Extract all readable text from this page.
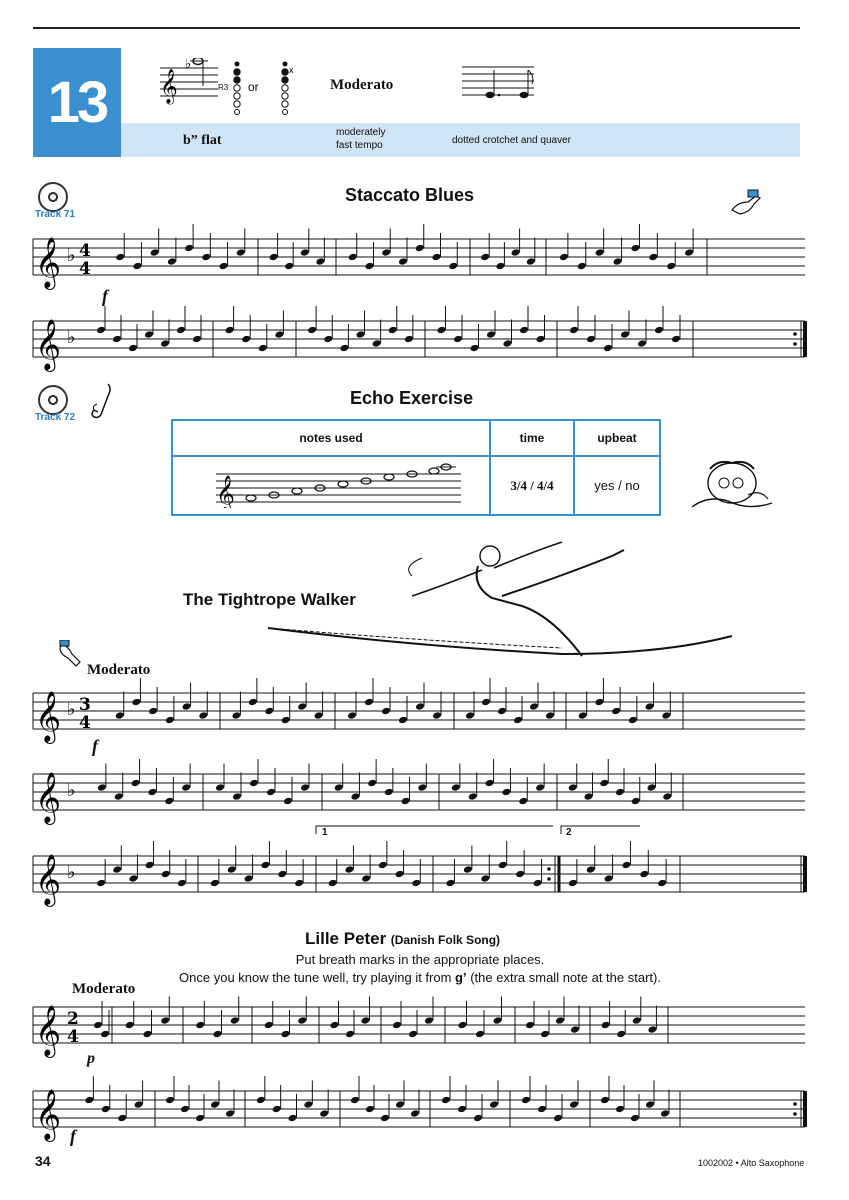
13	𝄞
♭	x
R3 or	Moderato
b” flat
moderately
fast tempo	dotted crotchet and quaver
Track 71
Staccato Blues
Track 72
Echo Exercise
notes used	time	upbeat

𝄞	3/4 / 4/4	yes / no
The Tightrope Walker
Moderato
f
1	2
Lille Peter (Danish Folk Song)
Put breath marks in the appropriate places.
Once you know the tune well, try playing it from g’ (the extra small note at the start).
Moderato
p
f
f
𝄞 ♭ 4
4
𝄞 ♭
𝄞 ♭ 3
4
𝄞 ♭
𝄞 ♭
𝄞 2
4
𝄞
34	1002002 • Alto Saxophone
